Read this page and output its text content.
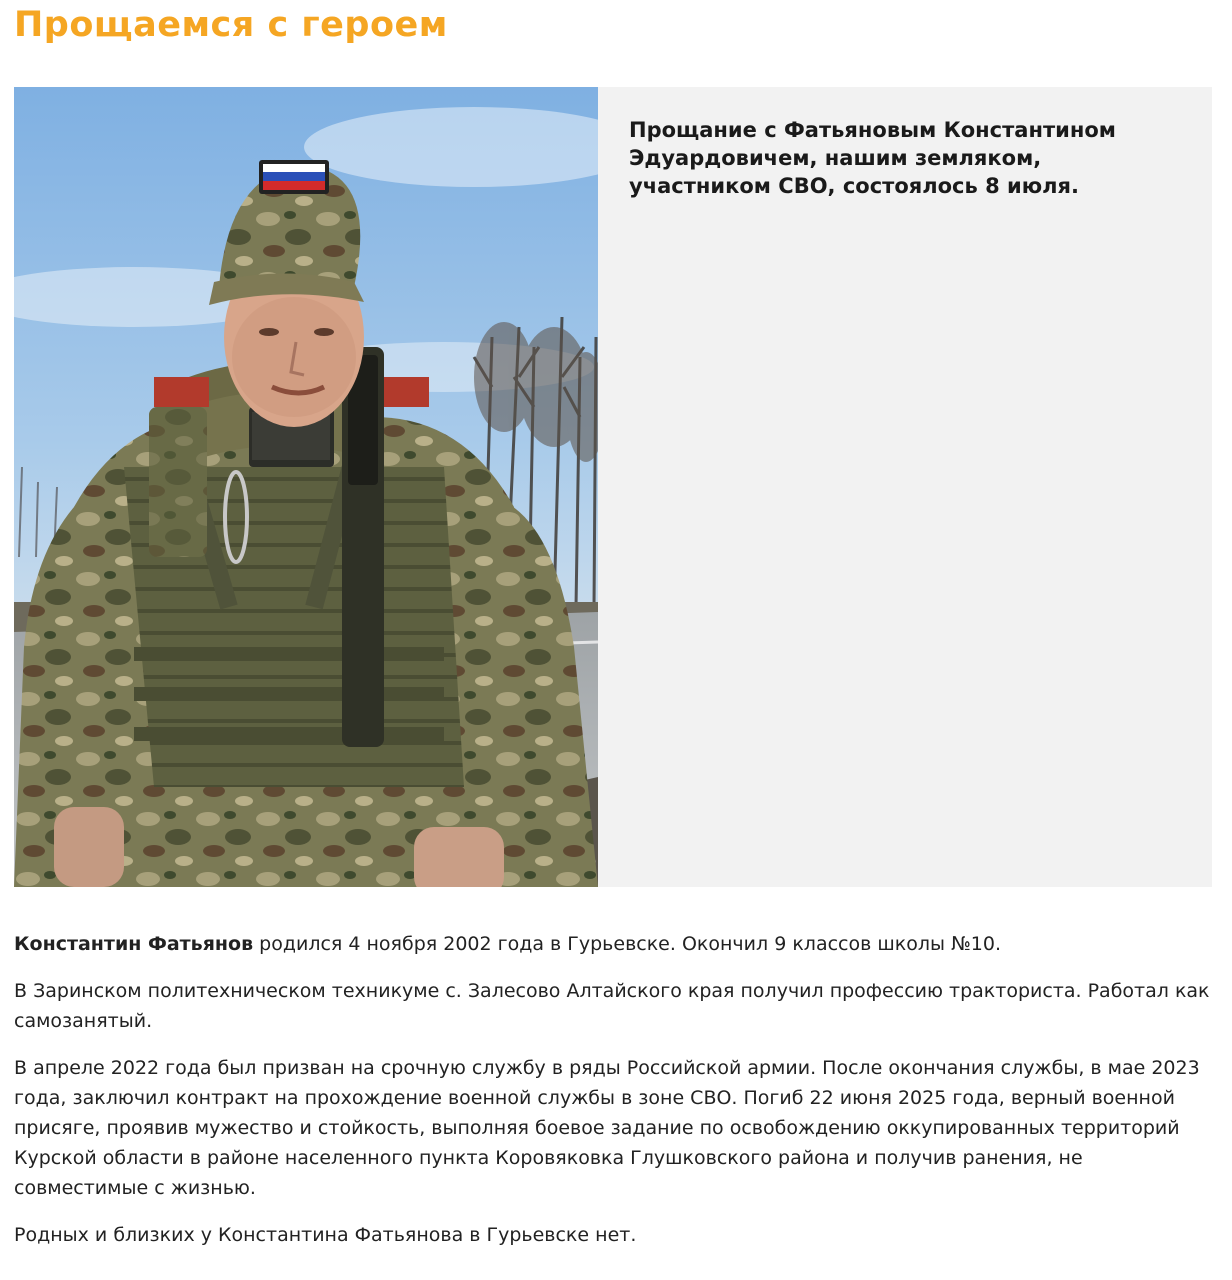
Прощаемся с героем

Прощание с Фатьяновым Константином Эдуардовичем, нашим земляком, участником СВО, состоялось 8 июля.

Константин Фатьянов родился 4 ноября 2002 года в Гурьевске. Окончил 9 классов школы №10.

В Заринском политехническом техникуме с. Залесово Алтайского края получил профессию тракториста. Работал как самозанятый.

В апреле 2022 года был призван на срочную службу в ряды Российской армии. После окончания службы, в мае 2023 года, заключил контракт на прохождение военной службы в зоне СВО. Погиб 22 июня 2025 года, верный военной присяге, проявив мужество и стойкость, выполняя боевое задание по освобождению оккупированных территорий Курской области в районе населенного пункта Коровяковка Глушковского района и получив ранения, не совместимые с жизнью.

Родных и близких у Константина Фатьянова в Гурьевске нет.
